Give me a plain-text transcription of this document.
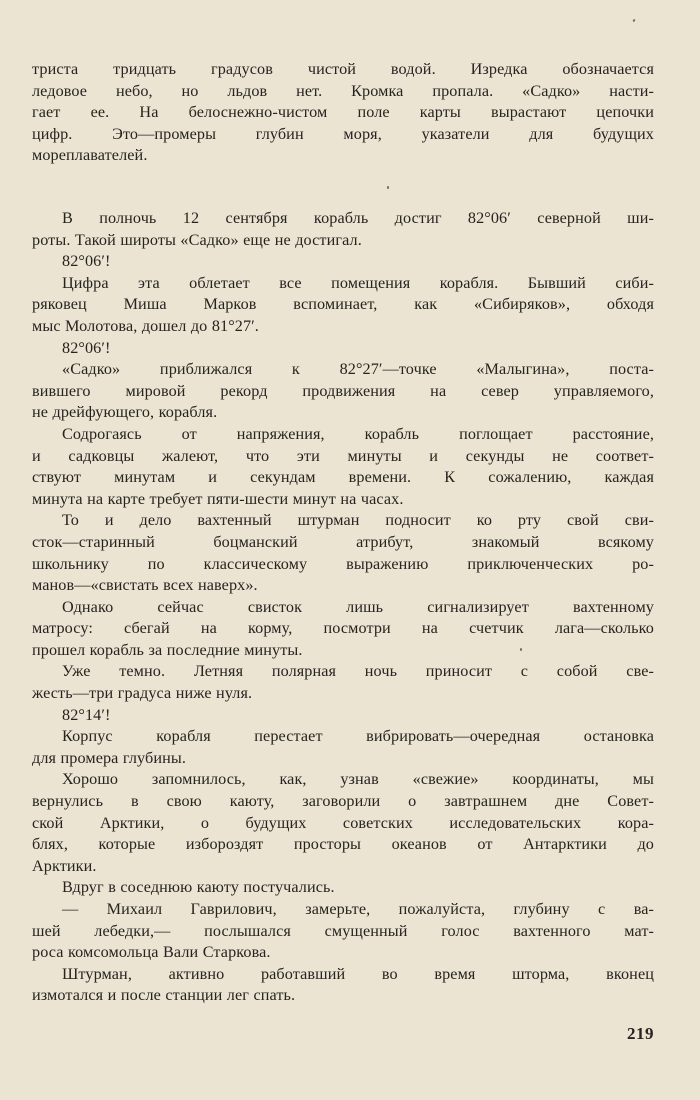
триста тридцать градусов чистой водой. Изредка обозначается
ледовое небо, но льдов нет. Кромка пропала. «Садко» насти-
гает ее. На белоснежно-чистом поле карты вырастают цепочки
цифр. Это—промеры глубин моря, указатели для будущих
мореплавателей.
В полночь 12 сентября корабль достиг 82°06′ северной ши-
роты. Такой широты «Садко» еще не достигал.
82°06′!
Цифра эта облетает все помещения корабля. Бывший сиби-
ряковец Миша Марков вспоминает, как «Сибиряков», обходя
мыс Молотова, дошел до 81°27′.
82°06′!
«Садко» приближался к 82°27′—точке «Малыгина», поста-
вившего мировой рекорд продвижения на север управляемого,
не дрейфующего, корабля.
Содрогаясь от напряжения, корабль поглощает расстояние,
и садковцы жалеют, что эти минуты и секунды не соответ-
ствуют минутам и секундам времени. К сожалению, каждая
минута на карте требует пяти-шести минут на часах.
То и дело вахтенный штурман подносит ко рту свой сви-
сток—старинный боцманский атрибут, знакомый всякому
школьнику по классическому выражению приключенческих ро-
манов—«свистать всех наверх».
Однако сейчас свисток лишь сигнализирует вахтенному
матросу: сбегай на корму, посмотри на счетчик лага—сколько
прошел корабль за последние минуты.
Уже темно. Летняя полярная ночь приносит с собой све-
жесть—три градуса ниже нуля.
82°14′!
Корпус корабля перестает вибрировать—очередная остановка
для промера глубины.
Хорошо запомнилось, как, узнав «свежие» координаты, мы
вернулись в свою каюту, заговорили о завтрашнем дне Совет-
ской Арктики, о будущих советских исследовательских кора-
блях, которые избороздят просторы океанов от Антарктики до
Арктики.
Вдруг в соседнюю каюту постучались.
— Михаил Гаврилович, замерьте, пожалуйста, глубину с ва-
шей лебедки,— послышался смущенный голос вахтенного мат-
роса комсомольца Вали Старкова.
Штурман, активно работавший во время шторма, вконец
измотался и после станции лег спать.
219
